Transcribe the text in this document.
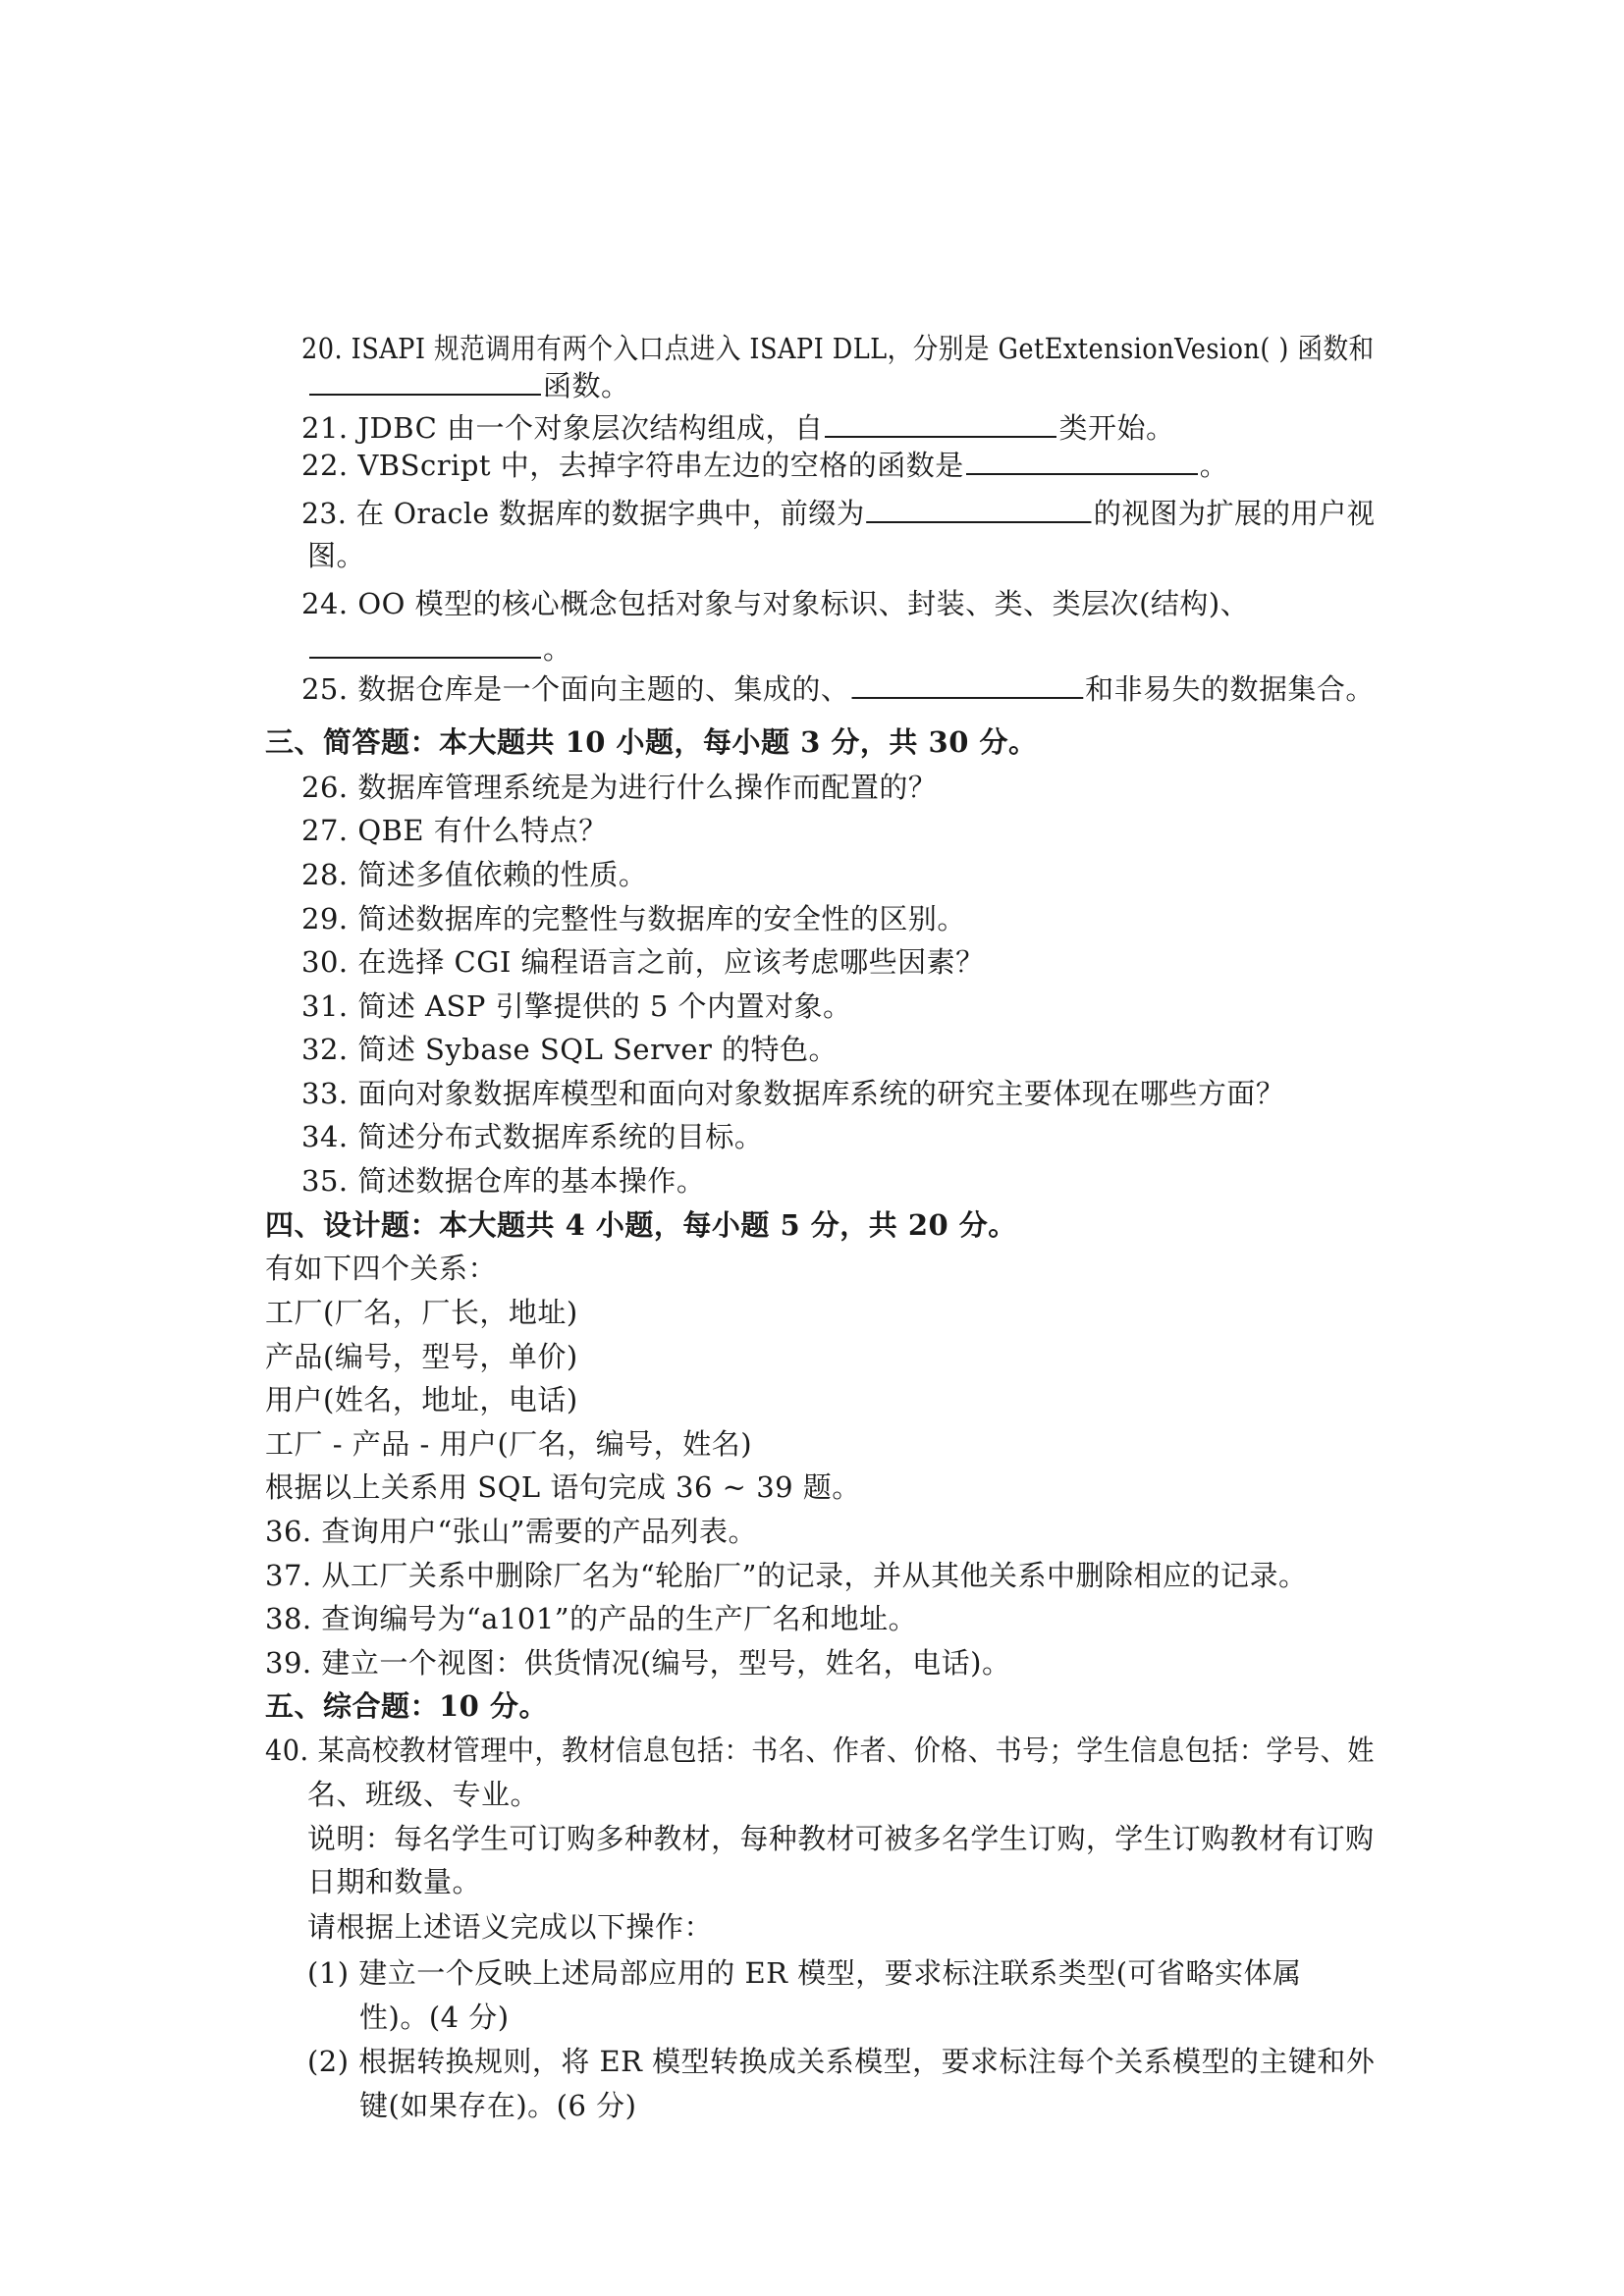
20. ISAPI 规范调用有两个入口点进入 ISAPI DLL，分别是 GetExtensionVesion( ) 函数和
函数。
21. JDBC 由一个对象层次结构组成，自	类开始。
22. VBScript 中，去掉字符串左边的空格的函数是	。
23. 在 Oracle 数据库的数据字典中，前缀为	的视图为扩展的用户视
图。
24. OO 模型的核心概念包括对象与对象标识、封装、类、类层次(结构)、
。
25. 数据仓库是一个面向主题的、集成的、	和非易失的数据集合。
三、简答题：本大题共 10 小题，每小题 3 分，共 30 分。
26. 数据库管理系统是为进行什么操作而配置的？
27. QBE 有什么特点？
28. 简述多值依赖的性质。
29. 简述数据库的完整性与数据库的安全性的区别。
30. 在选择 CGI 编程语言之前，应该考虑哪些因素？
31. 简述 ASP 引擎提供的 5 个内置对象。
32. 简述 Sybase SQL Server 的特色。
33. 面向对象数据库模型和面向对象数据库系统的研究主要体现在哪些方面？
34. 简述分布式数据库系统的目标。
35. 简述数据仓库的基本操作。
四、设计题：本大题共 4 小题，每小题 5 分，共 20 分。
有如下四个关系：
工厂(厂名，厂长，地址)
产品(编号，型号，单价)
用户(姓名，地址，电话)
工厂 - 产品 - 用户(厂名，编号，姓名)
根据以上关系用 SQL 语句完成 36 ~ 39 题。
36. 查询用户“张山”需要的产品列表。
37. 从工厂关系中删除厂名为“轮胎厂”的记录，并从其他关系中删除相应的记录。
38. 查询编号为“a101”的产品的生产厂名和地址。
39. 建立一个视图：供货情况(编号，型号，姓名，电话)。
五、综合题：10 分。
40. 某高校教材管理中，教材信息包括：书名、作者、价格、书号；学生信息包括：学号、姓
名、班级、专业。
说明：每名学生可订购多种教材，每种教材可被多名学生订购，学生订购教材有订购
日期和数量。
请根据上述语义完成以下操作：
(1) 建立一个反映上述局部应用的 ER 模型，要求标注联系类型(可省略实体属
性)。(4 分)
(2) 根据转换规则，将 ER 模型转换成关系模型，要求标注每个关系模型的主键和外
键(如果存在)。(6 分)
